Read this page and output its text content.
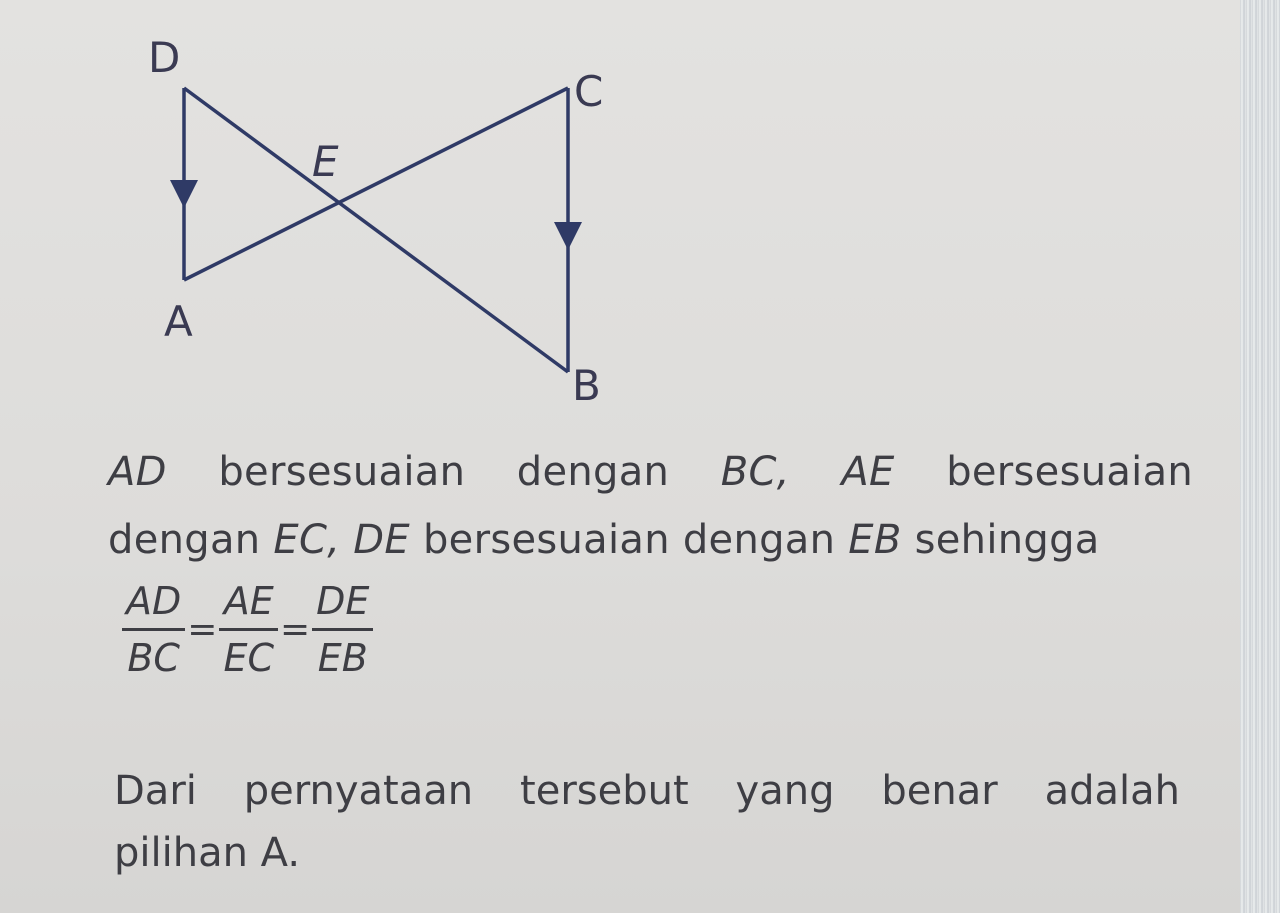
D
C
E
A
B
AD bersesuaian dengan BC, AE bersesuaian
dengan EC, DE bersesuaian dengan EB sehingga
$\frac{AD}{BC} = \frac{AE}{EC} = \frac{DE}{EB}$
Dari pernyataan tersebut yang benar adalah
pilihan A.
